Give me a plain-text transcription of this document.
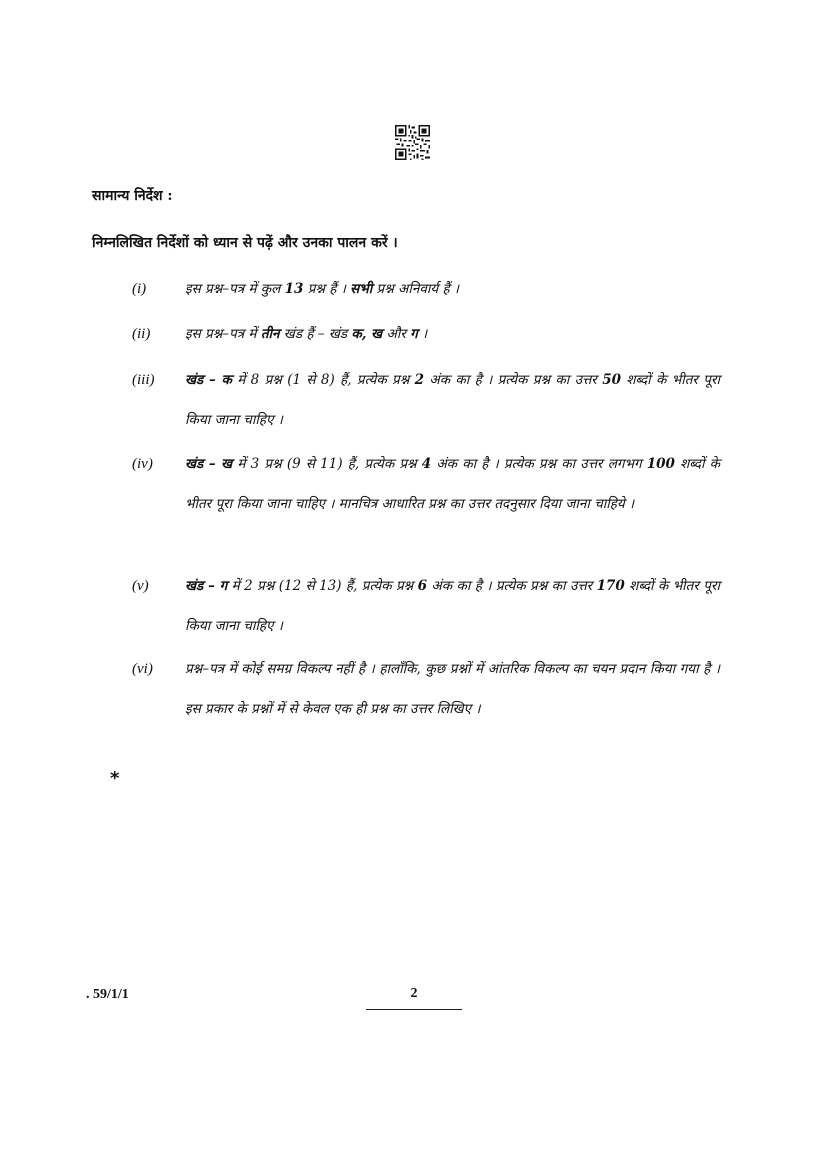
सामान्य निर्देश :
निम्नलिखित निर्देशों को ध्यान से पढ़ें और उनका पालन करें ।
(i)	इस प्रश्न–पत्र में कुल 13 प्रश्न हैं । सभी प्रश्न अनिवार्य हैं ।
(ii)	इस प्रश्न–पत्र में तीन खंड हैं – खंड क, ख और ग ।
(iii) खंड – क में 8 प्रश्न (1 से 8) हैं, प्रत्येक प्रश्न 2 अंक का है । प्रत्येक प्रश्न का उत्तर 50 शब्दों के भीतर पूरा किया जाना चाहिए ।
(iv) खंड – ख में 3 प्रश्न (9 से 11) हैं, प्रत्येक प्रश्न 4 अंक का है । प्रत्येक प्रश्न का उत्तर लगभग 100 शब्दों के भीतर पूरा किया जाना चाहिए । मानचित्र आधारित प्रश्न का उत्तर तदनुसार दिया जाना चाहिये ।
(v)	खंड – ग में 2 प्रश्न (12 से 13) हैं, प्रत्येक प्रश्न 6 अंक का है । प्रत्येक प्रश्न का उत्तर 170 शब्दों के भीतर पूरा किया जाना चाहिए ।
(vi) प्रश्न–पत्र में कोई समग्र विकल्प नहीं है । हालाँकि, कुछ प्रश्नों में आंतरिक विकल्प का चयन प्रदान किया गया है । इस प्रकार के प्रश्नों में से केवल एक ही प्रश्न का उत्तर लिखिए ।
*
. 59/1/1	2
